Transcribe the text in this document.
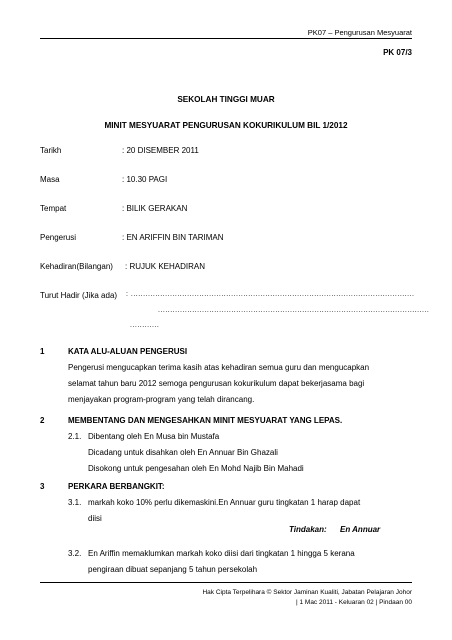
PK07 – Pengurusan Mesyuarat
PK 07/3
SEKOLAH TINGGI MUAR
MINIT MESYUARAT PENGURUSAN KOKURIKULUM BIL 1/2012
Tarikh	: 20 DISEMBER 2011
Masa	: 10.30 PAGI
Tempat	: BILIK GERAKAN
Pengerusi	: EN ARIFFIN BIN TARIMAN
Kehadiran(Bilangan) : RUJUK KEHADIRAN
Turut Hadir (Jika ada) : ....................................................................................................................
...............................................................................................................
............
1	KATA ALU-ALUAN PENGERUSI
Pengerusi mengucapkan terima kasih atas kehadiran semua guru dan mengucapkan
selamat tahun baru 2012 semoga pengurusan kokurikulum dapat bekerjasama bagi
menjayakan program-program yang telah dirancang.
2	MEMBENTANG DAN MENGESAHKAN MINIT MESYUARAT YANG LEPAS.
2.1. Dibentang oleh En Musa bin Mustafa
Dicadang untuk disahkan oleh En Annuar Bin Ghazali
Disokong untuk pengesahan oleh En Mohd Najib Bin Mahadi
3	PERKARA BERBANGKIT:
3.1. markah koko 10% perlu dikemaskini.En Annuar guru tingkatan 1 harap dapat
diisi
Tindakan: En Annuar
3.2. En Ariffin memaklumkan markah koko diisi dari tingkatan 1 hingga 5 kerana
pengiraan dibuat sepanjang 5 tahun persekolah
Hak Cipta Terpelihara © Sektor Jaminan Kualiti, Jabatan Pelajaran Johor
| 1 Mac 2011 - Keluaran 02 | Pindaan 00
